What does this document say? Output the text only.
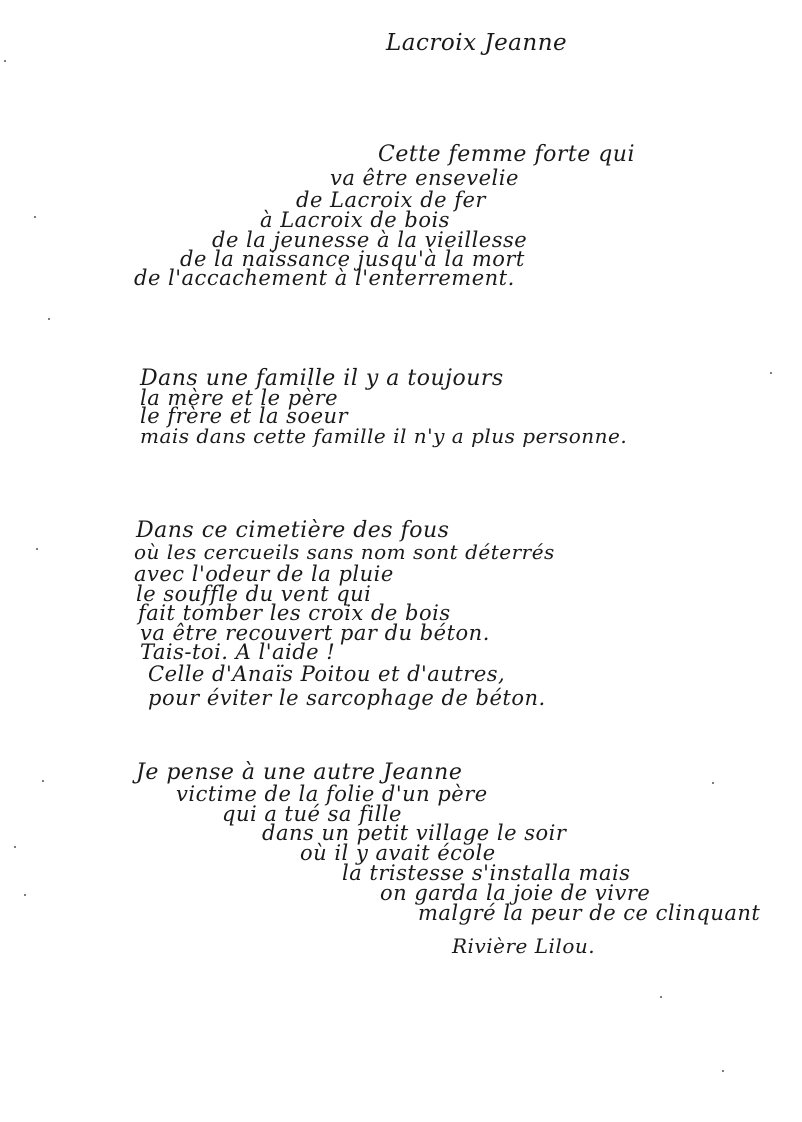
Lacroix Jeanne
Cette femme forte qui
va être ensevelie
de Lacroix de fer
à Lacroix de bois
de la jeunesse à la vieillesse
de la naissance jusqu'à la mort
de l'accachement à l'enterrement.
Dans une famille il y a toujours
la mère et le père
le frère et la soeur
mais dans cette famille il n'y a plus personne.
Dans ce cimetière des fous
où les cercueils sans nom sont déterrés
avec l'odeur de la pluie
le souffle du vent qui
fait tomber les croix de bois
va être recouvert par du béton.
Tais-toi. A l'aide !
Celle d'Anaïs Poitou et d'autres,
pour éviter le sarcophage de béton.
Je pense à une autre Jeanne
victime de la folie d'un père
qui a tué sa fille
dans un petit village le soir
où il y avait école
la tristesse s'installa mais
on garda la joie de vivre
malgré la peur de ce clinquant
Rivière Lilou.
